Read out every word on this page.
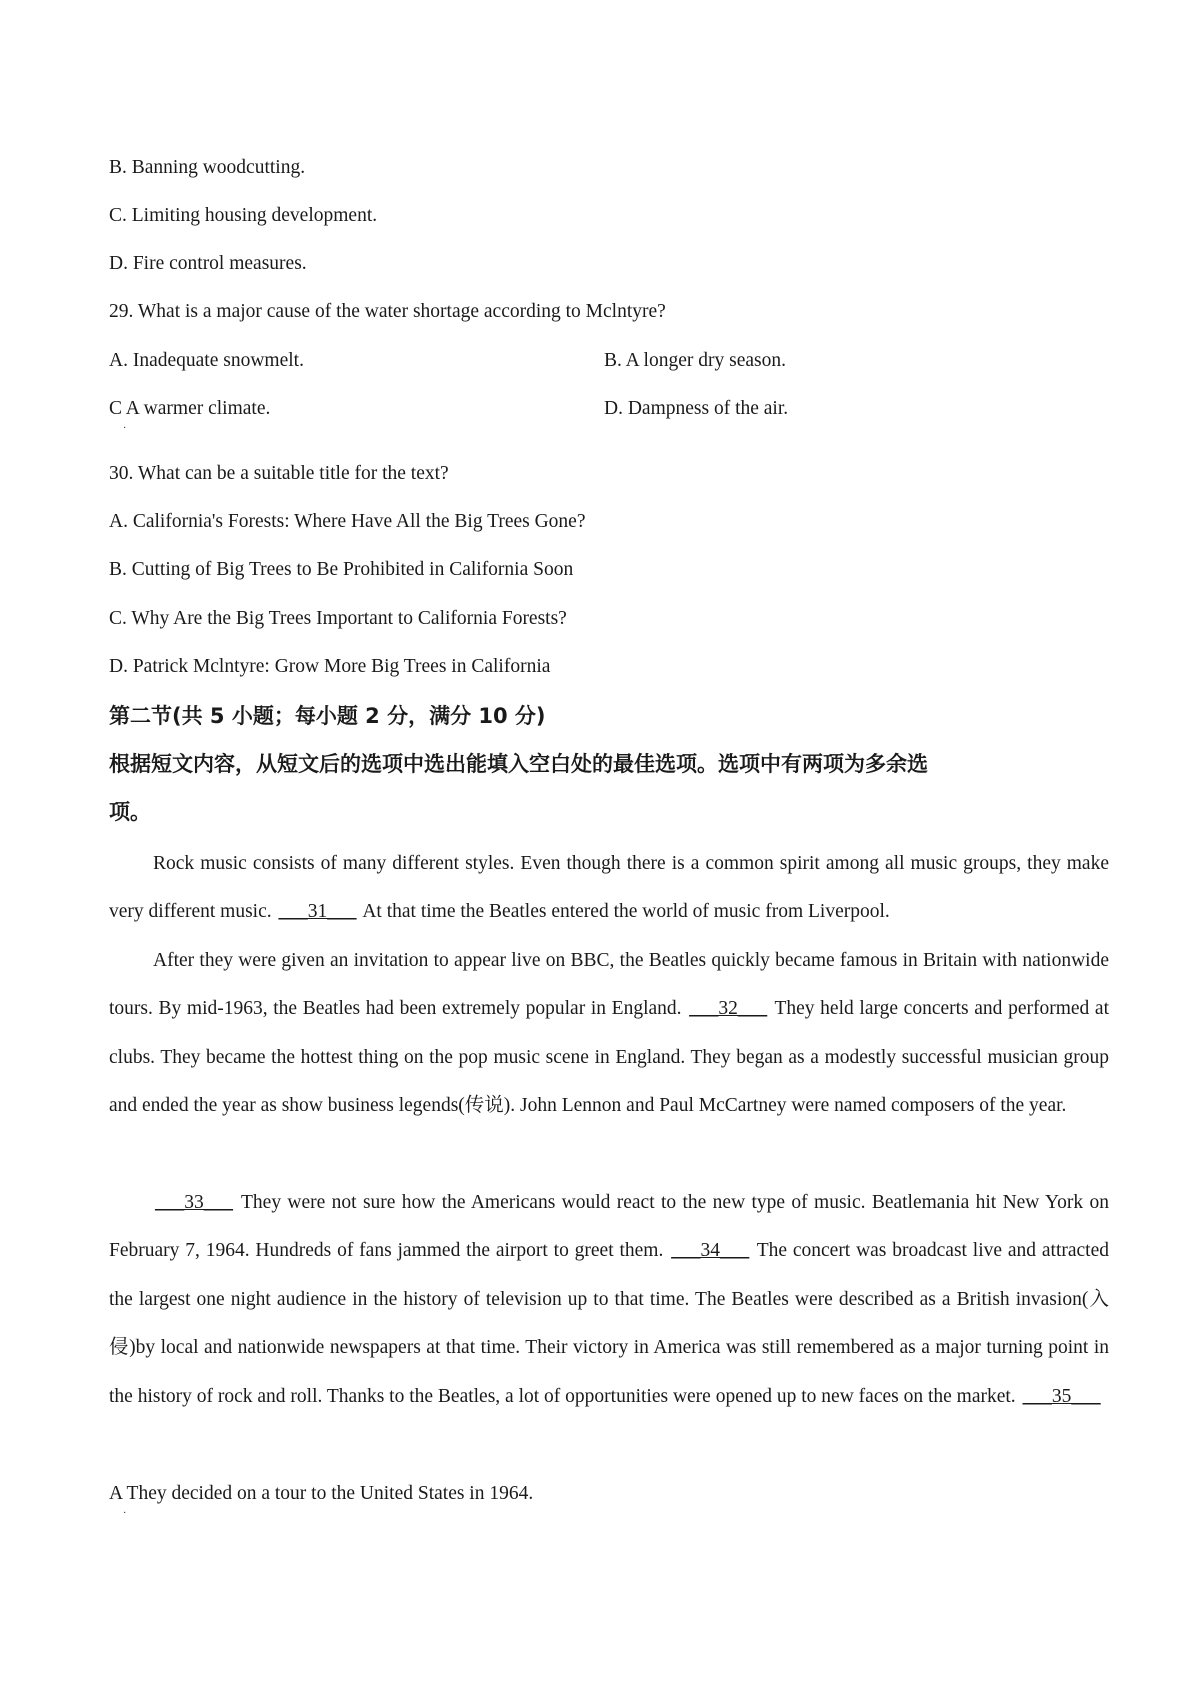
B. Banning woodcutting.
C. Limiting housing development.
D. Fire control measures.
29. What is a major cause of the water shortage according to Mclntyre?
A. Inadequate snowmelt.	B. A longer dry season.
C A warmer climate.	D. Dampness of the air.
·
30. What can be a suitable title for the text?
A. California's Forests: Where Have All the Big Trees Gone?
B. Cutting of Big Trees to Be Prohibited in California Soon
C. Why Are the Big Trees Important to California Forests?
D. Patrick Mclntyre: Grow More Big Trees in California
第二节(共 5 小题；每小题 2 分，满分 10 分)
根据短文内容，从短文后的选项中选出能填入空白处的最佳选项。选项中有两项为多余选
项。
Rock music consists of many different styles. Even though there is a common spirit among all music groups, they make very different music. ___31___ At that time the Beatles entered the world of music from Liverpool.
After they were given an invitation to appear live on BBC, the Beatles quickly became famous in Britain with nationwide tours. By mid-1963, the Beatles had been extremely popular in England. ___32___ They held large concerts and performed at clubs. They became the hottest thing on the pop music scene in England. They began as a modestly successful musician group and ended the year as show business legends(传说). John Lennon and Paul McCartney were named composers of the year.
___33___ They were not sure how the Americans would react to the new type of music. Beatlemania hit New York on February 7, 1964. Hundreds of fans jammed the airport to greet them. ___34___ The concert was broadcast live and attracted the largest one night audience in the history of television up to that time. The Beatles were described as a British invasion(入侵)by local and nationwide newspapers at that time. Their victory in America was still remembered as a major turning point in the history of rock and roll. Thanks to the Beatles, a lot of opportunities were opened up to new faces on the market. ___35___
A They decided on a tour to the United States in 1964.
·
